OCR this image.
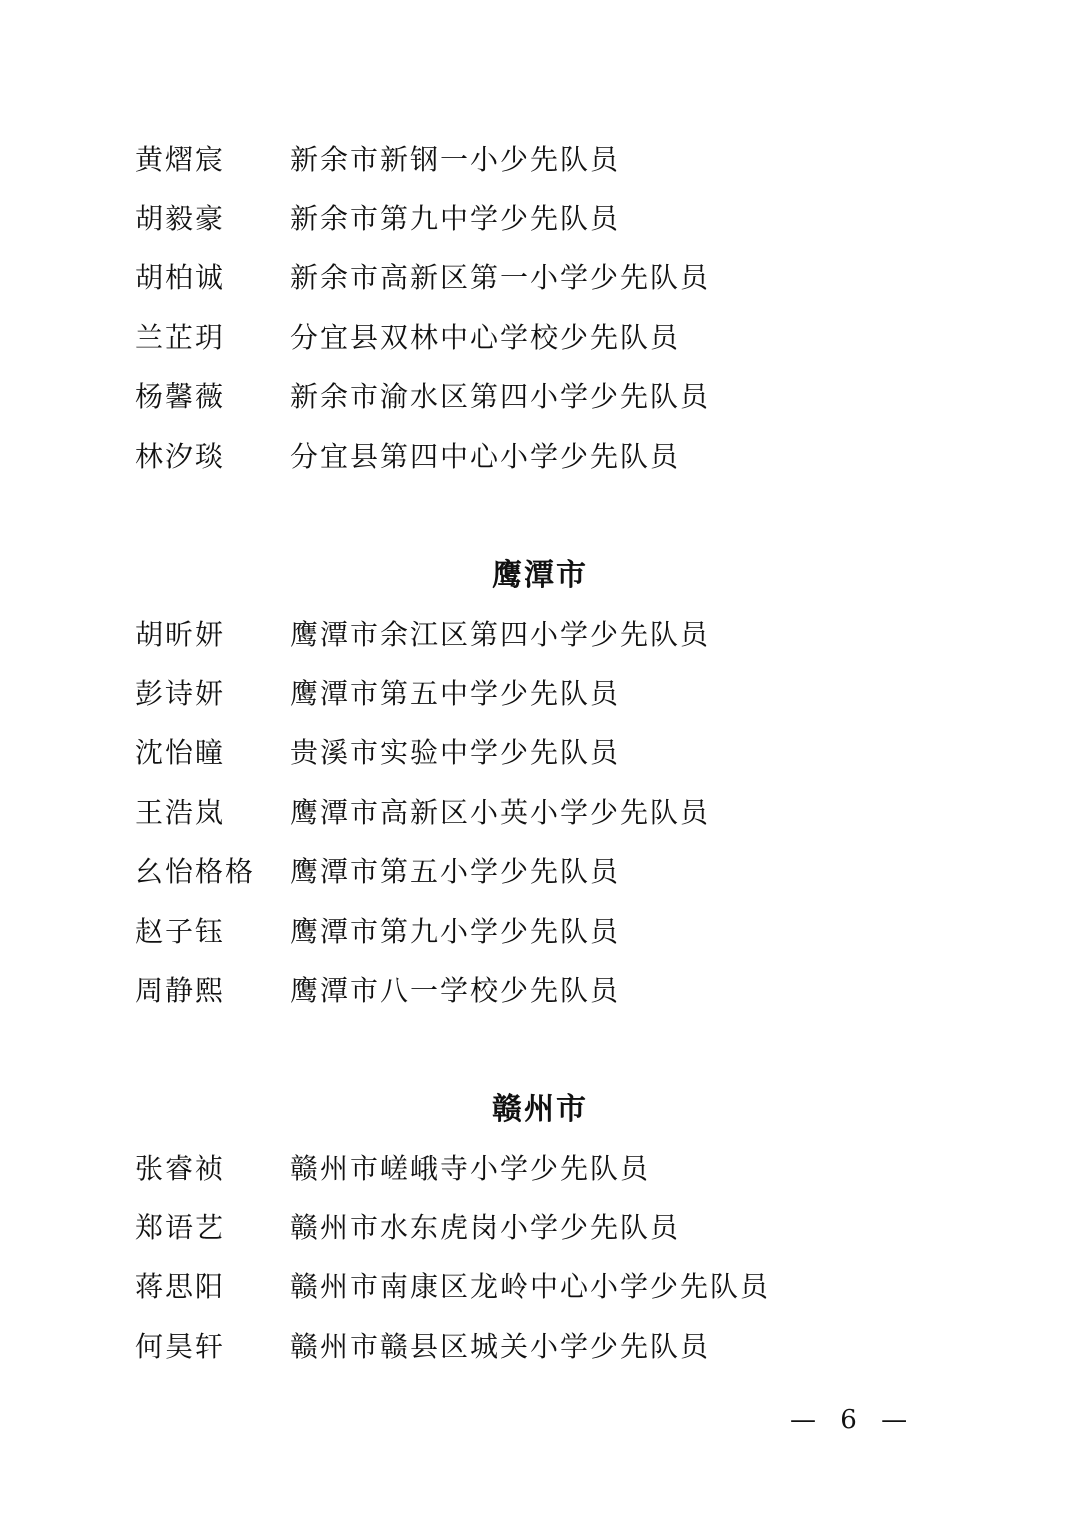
黄熠宸 新余市新钢一小少先队员
胡毅豪 新余市第九中学少先队员
胡柏诚 新余市高新区第一小学少先队员
兰芷玥 分宜县双林中心学校少先队员
杨馨薇 新余市渝水区第四小学少先队员
林汐琰 分宜县第四中心小学少先队员
鹰潭市
胡昕妍 鹰潭市余江区第四小学少先队员
彭诗妍 鹰潭市第五中学少先队员
沈怡瞳 贵溪市实验中学少先队员
王浩岚 鹰潭市高新区小英小学少先队员
幺怡格格 鹰潭市第五小学少先队员
赵子钰 鹰潭市第九小学少先队员
周静熙 鹰潭市八一学校少先队员
赣州市
张睿祯 赣州市嵯峨寺小学少先队员
郑语艺 赣州市水东虎岗小学少先队员
蒋思阳 赣州市南康区龙岭中心小学少先队员
何昊轩 赣州市赣县区城关小学少先队员
— 6 —
